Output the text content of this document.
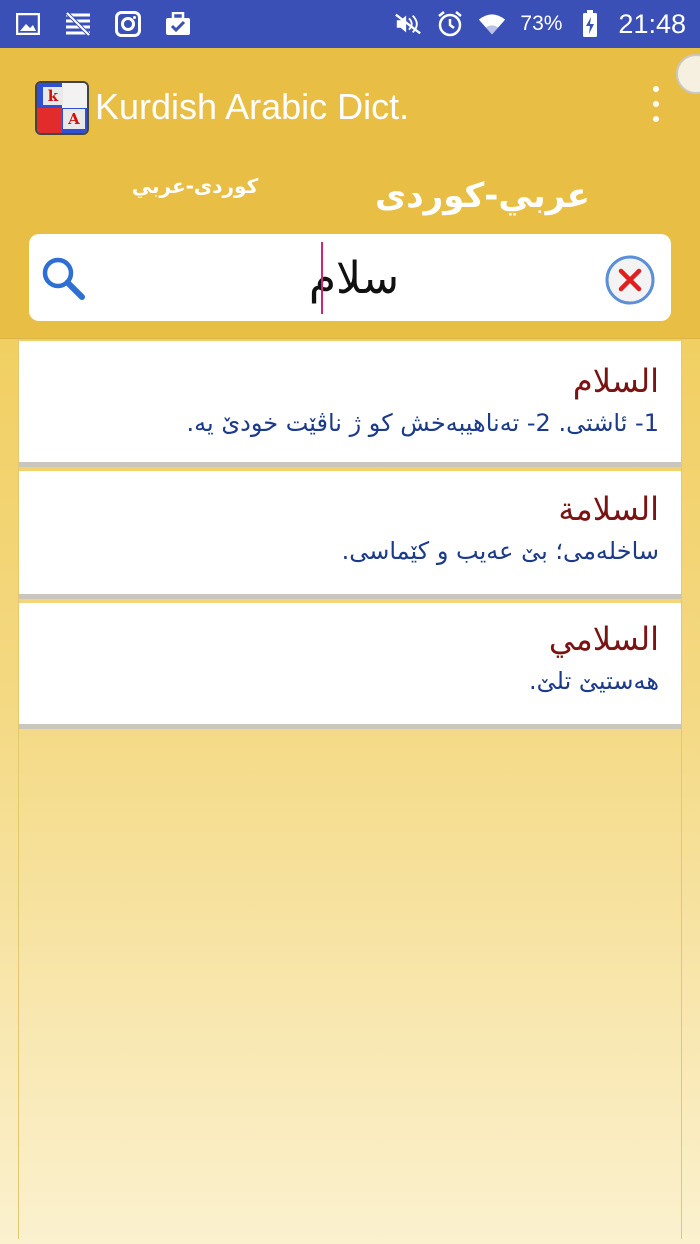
73% 21:48
k
A Kurdish Arabic Dict.
كوردی-عربي	عربي-كوردی
سلام
السلام
1- ئاشتی. 2- تەناهیبەخش کو ژ ناڤێت خودێ یە.
السلامة
ساخلەمی؛ بێ عەیب و کێماسی.
السلامي
هەستیێ تلێ.
